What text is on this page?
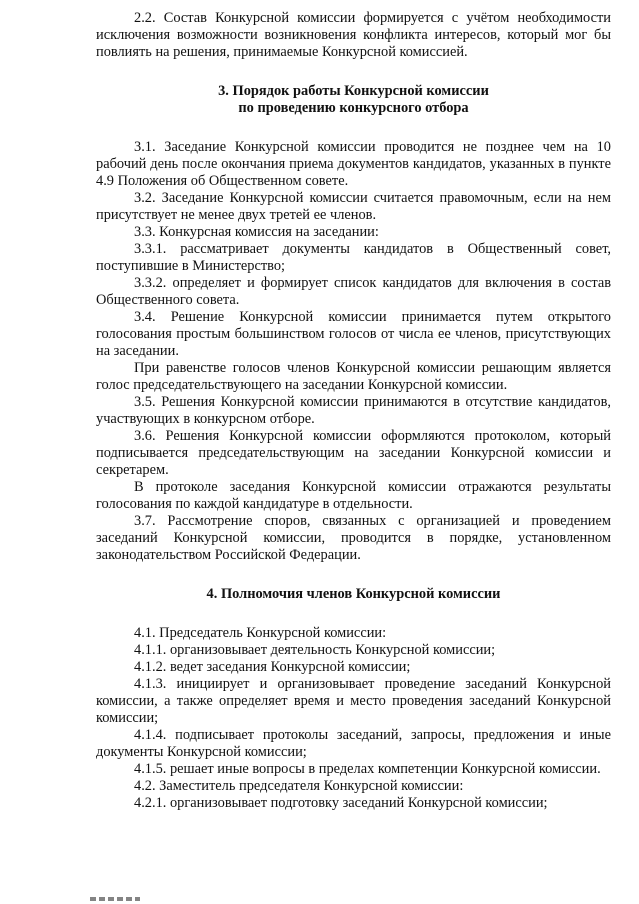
2.2. Состав Конкурсной комиссии формируется с учётом необходимости исключения возможности возникновения конфликта интересов, который мог бы повлиять на решения, принимаемые Конкурсной комиссией.

3. Порядок работы Конкурсной комиссии
по проведению конкурсного отбора

3.1. Заседание Конкурсной комиссии проводится не позднее чем на 10 рабочий день после окончания приема документов кандидатов, указанных в пункте 4.9 Положения об Общественном совете.

3.2. Заседание Конкурсной комиссии считается правомочным, если на нем присутствует не менее двух третей ее членов.

3.3. Конкурсная комиссия на заседании:

3.3.1. рассматривает документы кандидатов в Общественный совет, поступившие в Министерство;

3.3.2. определяет и формирует список кандидатов для включения в состав Общественного совета.

3.4. Решение Конкурсной комиссии принимается путем открытого голосования простым большинством голосов от числа ее членов, присутствующих на заседании.

При равенстве голосов членов Конкурсной комиссии решающим является голос председательствующего на заседании Конкурсной комиссии.

3.5. Решения Конкурсной комиссии принимаются в отсутствие кандидатов, участвующих в конкурсном отборе.

3.6. Решения Конкурсной комиссии оформляются протоколом, который подписывается председательствующим на заседании Конкурсной комиссии и секретарем.

В протоколе заседания Конкурсной комиссии отражаются результаты голосования по каждой кандидатуре в отдельности.

3.7. Рассмотрение споров, связанных с организацией и проведением заседаний Конкурсной комиссии, проводится в порядке, установленном законодательством Российской Федерации.

4. Полномочия членов Конкурсной комиссии

4.1. Председатель Конкурсной комиссии:

4.1.1. организовывает деятельность Конкурсной комиссии;

4.1.2. ведет заседания Конкурсной комиссии;

4.1.3. инициирует и организовывает проведение заседаний Конкурсной комиссии, а также определяет время и место проведения заседаний Конкурсной комиссии;

4.1.4. подписывает протоколы заседаний, запросы, предложения и иные документы Конкурсной комиссии;

4.1.5. решает иные вопросы в пределах компетенции Конкурсной комиссии.

4.2. Заместитель председателя Конкурсной комиссии:

4.2.1. организовывает подготовку заседаний Конкурсной комиссии;
